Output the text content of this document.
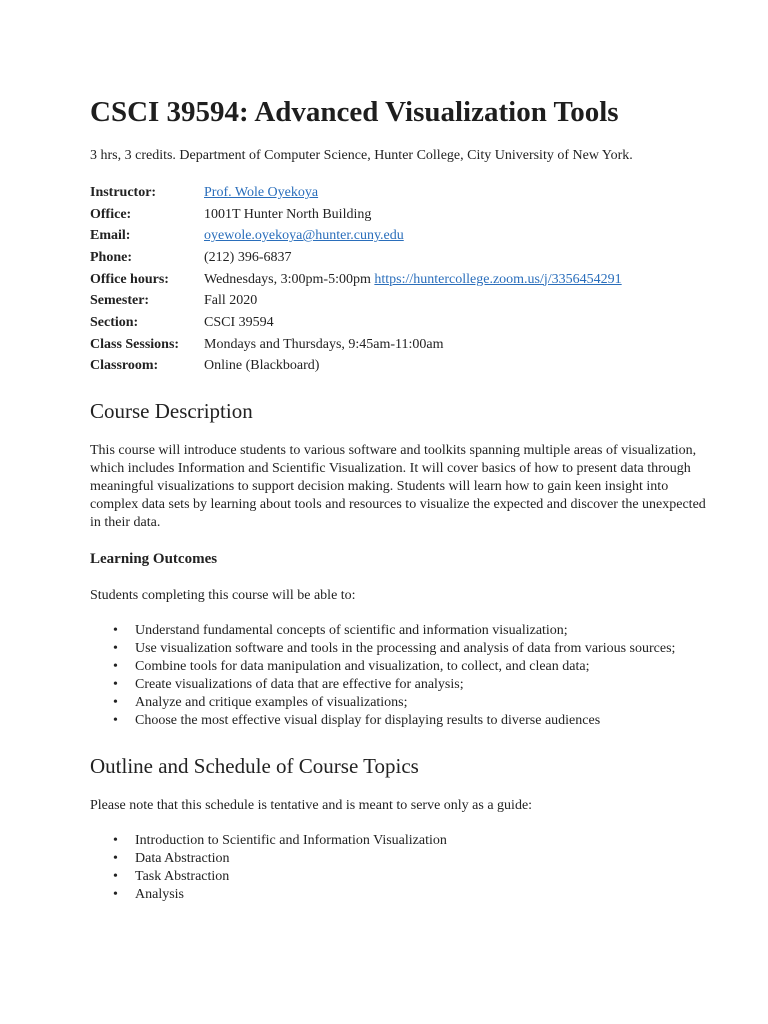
CSCI 39594: Advanced Visualization Tools

3 hrs, 3 credits. Department of Computer Science, Hunter College, City University of New York.

Instructor:	Prof. Wole Oyekoya
Office:	1001T Hunter North Building
Email:	oyewole.oyekoya@hunter.cuny.edu
Phone:	(212) 396-6837
Office hours:	Wednesdays, 3:00pm-5:00pm https://huntercollege.zoom.us/j/3356454291
Semester:	Fall 2020
Section:	CSCI 39594
Class Sessions:	Mondays and Thursdays, 9:45am-11:00am
Classroom:	Online (Blackboard)
Course Description

This course will introduce students to various software and toolkits spanning multiple areas of visualization, which includes Information and Scientific Visualization. It will cover basics of how to present data through meaningful visualizations to support decision making. Students will learn how to gain keen insight into complex data sets by learning about tools and resources to visualize the expected and discover the unexpected in their data.

Learning Outcomes

Students completing this course will be able to:

• Understand fundamental concepts of scientific and information visualization;
• Use visualization software and tools in the processing and analysis of data from various sources;
• Combine tools for data manipulation and visualization, to collect, and clean data;
• Create visualizations of data that are effective for analysis;
• Analyze and critique examples of visualizations;
• Choose the most effective visual display for displaying results to diverse audiences
Outline and Schedule of Course Topics

Please note that this schedule is tentative and is meant to serve only as a guide:

• Introduction to Scientific and Information Visualization
• Data Abstraction
• Task Abstraction
• Analysis
